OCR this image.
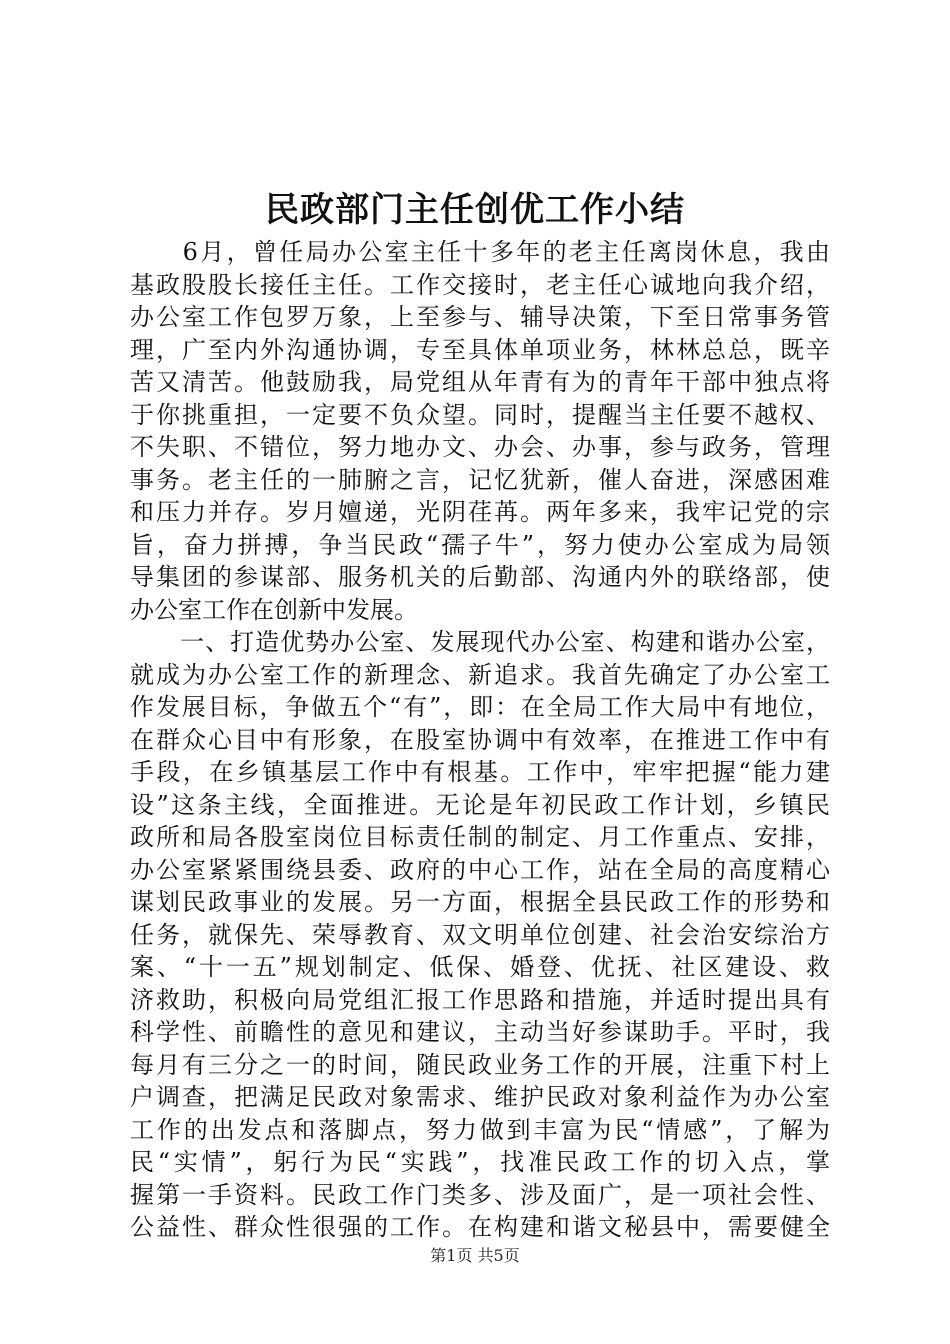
民政部门主任创优工作小结
　　6月，曾任局办公室主任十多年的老主任离岗休息，我由
基政股股长接任主任。工作交接时，老主任心诚地向我介绍，
办公室工作包罗万象，上至参与、辅导决策，下至日常事务管
理，广至内外沟通协调，专至具体单项业务，林林总总，既辛
苦又清苦。他鼓励我，局党组从年青有为的青年干部中独点将
于你挑重担，一定要不负众望。同时，提醒当主任要不越权、
不失职、不错位，努力地办文、办会、办事，参与政务，管理
事务。老主任的一肺腑之言，记忆犹新，催人奋进，深感困难
和压力并存。岁月嬗递，光阴荏苒。两年多来，我牢记党的宗
旨，奋力拼搏，争当民政“孺子牛”，努力使办公室成为局领
导集团的参谋部、服务机关的后勤部、沟通内外的联络部，使
办公室工作在创新中发展。
　　一、打造优势办公室、发展现代办公室、构建和谐办公室，
就成为办公室工作的新理念、新追求。我首先确定了办公室工
作发展目标，争做五个“有”，即：在全局工作大局中有地位，
在群众心目中有形象，在股室协调中有效率，在推进工作中有
手段，在乡镇基层工作中有根基。工作中，牢牢把握“能力建
设”这条主线，全面推进。无论是年初民政工作计划，乡镇民
政所和局各股室岗位目标责任制的制定、月工作重点、安排，
办公室紧紧围绕县委、政府的中心工作，站在全局的高度精心
谋划民政事业的发展。另一方面，根据全县民政工作的形势和
任务，就保先、荣辱教育、双文明单位创建、社会治安综治方
案、“十一五”规划制定、低保、婚登、优抚、社区建设、救
济救助，积极向局党组汇报工作思路和措施，并适时提出具有
科学性、前瞻性的意见和建议，主动当好参谋助手。平时，我
每月有三分之一的时间，随民政业务工作的开展，注重下村上
户调查，把满足民政对象需求、维护民政对象利益作为办公室
工作的出发点和落脚点，努力做到丰富为民“情感”，了解为
民“实情”，躬行为民“实践”，找准民政工作的切入点，掌
握第一手资料。民政工作门类多、涉及面广，是一项社会性、
公益性、群众性很强的工作。在构建和谐文秘县中，需要健全
第1页 共5页
